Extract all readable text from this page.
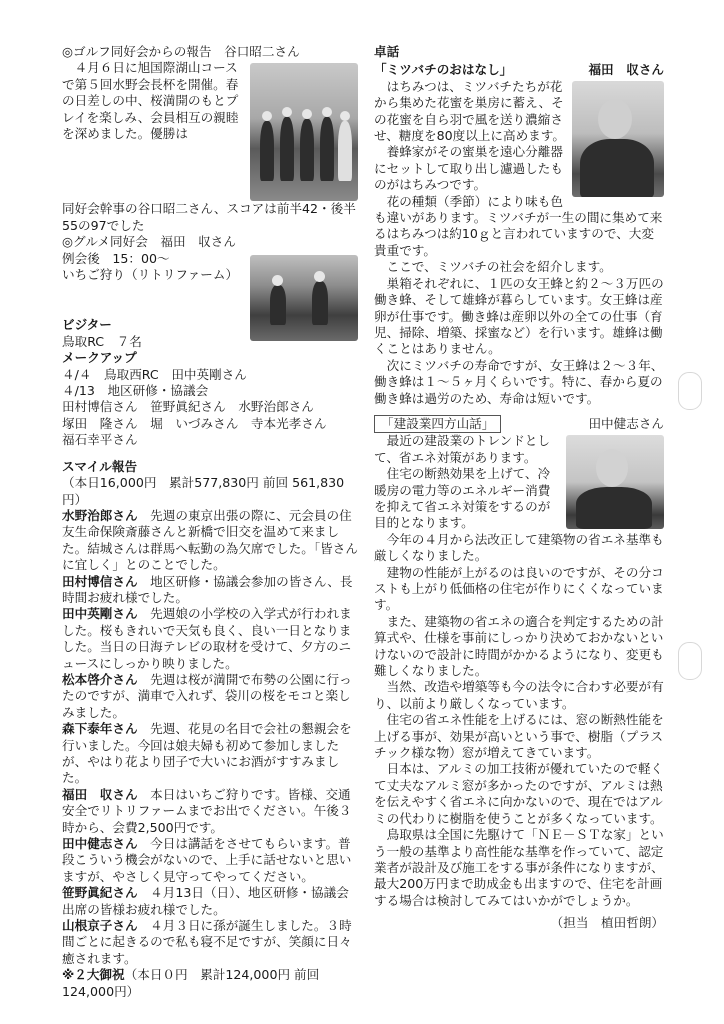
◎ゴルフ同好会からの報告　谷口昭二さん

４月６日に旭国際湖山コースで第５回水野会長杯を開催。春の日差しの中、桜満開のもとプレイを楽しみ、会員相互の親睦を深めました。優勝は

同好会幹事の谷口昭二さん、スコアは前半42・後半55の97でした

◎グルメ同好会　福田　収さん

例会後　15：00～

いちご狩り（リトリファーム）

ビジター

鳥取RC　７名

メークアップ

４/４　鳥取西RC　田中英剛さん

４/13　地区研修・協議会

田村博信さん　笹野眞紀さん　水野治郎さん

塚田　隆さん　堀　いづみさん　寺本光孝さん

福石幸平さん

スマイル報告

（本日16,000円　累計577,830円 前回 561,830円）

水野治郎さん　先週の東京出張の際に、元会員の住友生命保険斎藤さんと新橋で旧交を温めて来ました。結城さんは群馬へ転勤の為欠席でした。「皆さんに宜しく」とのことでした。

田村博信さん　地区研修・協議会参加の皆さん、長時間お疲れ様でした。

田中英剛さん　先週娘の小学校の入学式が行われました。桜もきれいで天気も良く、良い一日となりました。当日の日海テレビの取材を受けて、夕方のニュースにしっかり映りました。

松本啓介さん　先週は桜が満開で布勢の公園に行ったのですが、満車で入れず、袋川の桜をモコと楽しみました。

森下泰年さん　先週、花見の名目で会社の懇親会を行いました。今回は娘夫婦も初めて参加しましたが、やはり花より団子で大いにお酒がすすみました。

福田　収さん　本日はいちご狩りです。皆様、交通安全でリトリファームまでお出でください。午後３時から、会費2,500円です。

田中健志さん　今日は講話をさせてもらいます。普段こういう機会がないので、上手に話せないと思いますが、やさしく見守ってやってください。

笹野眞紀さん　４月13日（日）、地区研修・協議会出席の皆様お疲れ様でした。

山根京子さん　４月３日に孫が誕生しました。３時間ごとに起きるので私も寝不足ですが、笑顔に日々癒されます。

※２大御祝（本日０円　累計124,000円 前回124,000円）

卓話

「ミツバチのおはなし」	福田　収さん

はちみつは、ミツバチたちが花から集めた花蜜を巣房に蓄え、その花蜜を自ら羽で風を送り濃縮させ、糖度を80度以上に高めます。

養蜂家がその蜜巣を遠心分離器にセットして取り出し濾過したものがはちみつです。

花の種類（季節）により味も色も違いがあります。ミツバチが一生の間に集めて来るはちみつは約10ｇと言われていますので、大変貴重です。

ここで、ミツバチの社会を紹介します。

巣箱それぞれに、１匹の女王蜂と約２～３万匹の働き蜂、そして雄蜂が暮らしています。女王蜂は産卵が仕事です。働き蜂は産卵以外の全ての仕事（育児、掃除、増築、採蜜など）を行います。雄蜂は働くことはありません。

次にミツバチの寿命ですが、女王蜂は２～３年、働き蜂は１～５ヶ月くらいです。特に、春から夏の働き蜂は過労のため、寿命は短いです。

「建設業四方山話」	田中健志さん

最近の建設業のトレンドとして、省エネ対策があります。

住宅の断熱効果を上げて、冷暖房の電力等のエネルギー消費を抑えて省エネ対策をするのが目的となります。

今年の４月から法改正して建築物の省エネ基準も厳しくなりました。

建物の性能が上がるのは良いのですが、その分コストも上がり低価格の住宅が作りにくくなっています。

また、建築物の省エネの適合を判定するための計算式や、仕様を事前にしっかり決めておかないといけないので設計に時間がかかるようになり、変更も難しくなりました。

当然、改造や増築等も今の法令に合わす必要が有り、以前より厳しくなっています。

住宅の省エネ性能を上げるには、窓の断熱性能を上げる事が、効果が高いという事で、樹脂（プラスチック様な物）窓が増えてきています。

日本は、アルミの加工技術が優れていたので軽くて丈夫なアルミ窓が多かったのですが、アルミは熱を伝えやすく省エネに向かないので、現在ではアルミの代わりに樹脂を使うことが多くなっています。

鳥取県は全国に先駆けて「ＮＥ－ＳＴな家」という一般の基準より高性能な基準を作っていて、認定業者が設計及び施工をする事が条件になりますが、最大200万円まで助成金も出ますので、住宅を計画する場合は検討してみてはいかがでしょうか。

（担当　植田哲朗）
